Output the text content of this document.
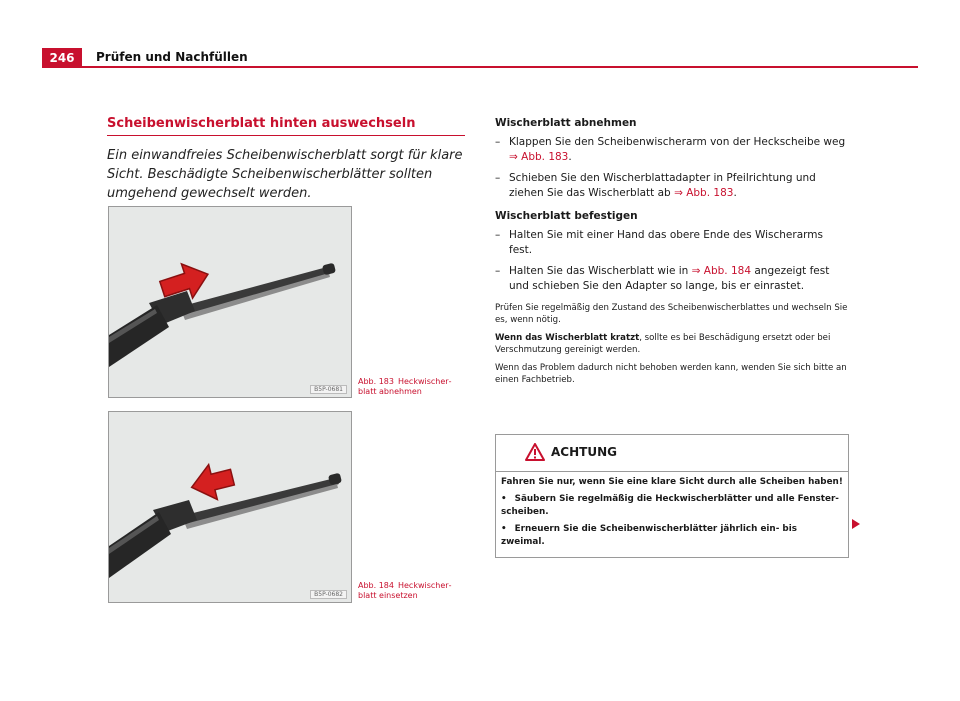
246	Prüfen und Nachfüllen
Scheibenwischerblatt hinten auswechseln

Ein einwandfreies Scheibenwischerblatt sorgt für klare Sicht. Beschädigte Scheibenwischerblätter sollten umgehend gewechselt werden.

B5P-0681
Abb. 183 Heckwischerblatt abnehmen
B5P-0682
Abb. 184 Heckwischerblatt einsetzen

Wischerblatt abnehmen

– Klappen Sie den Scheibenwischerarm von der Heckscheibe weg
⇒ Abb. 183.

– Schieben Sie den Wischerblattadapter in Pfeilrichtung und ziehen Sie das Wischerblatt ab ⇒ Abb. 183.

Wischerblatt befestigen

– Halten Sie mit einer Hand das obere Ende des Wischerarms fest.

– Halten Sie das Wischerblatt wie in ⇒ Abb. 184 angezeigt fest und schieben Sie den Adapter so lange, bis er einrastet.

Prüfen Sie regelmäßig den Zustand des Scheibenwischerblattes und wechseln Sie es, wenn nötig.

Wenn das Wischerblatt kratzt, sollte es bei Beschädigung ersetzt oder bei Verschmutzung gereinigt werden.

Wenn das Problem dadurch nicht behoben werden kann, wenden Sie sich bitte an einen Fachbetrieb.

ACHTUNG

Fahren Sie nur, wenn Sie eine klare Sicht durch alle Scheiben haben!

• Säubern Sie regelmäßig die Heckwischerblätter und alle Fensterscheiben.

• Erneuern Sie die Scheibenwischerblätter jährlich ein- bis zweimal.
